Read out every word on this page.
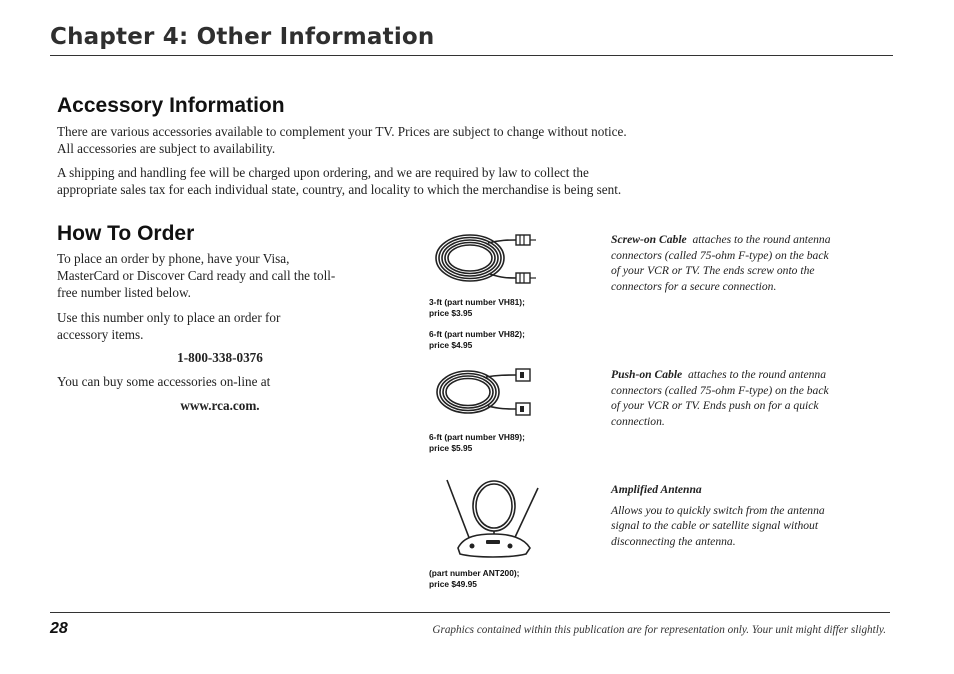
Chapter 4: Other Information
Accessory Information

There are various accessories available to complement your TV. Prices are subject to change without notice.

All accessories are subject to availability.

A shipping and handling fee will be charged upon ordering, and we are required by law to collect the

appropriate sales tax for each individual state, country, and locality to which the merchandise is being sent.

How To Order

To place an order by phone, have your Visa,

MasterCard or Discover Card ready and call the toll-

free number listed below.

Use this number only to place an order for

accessory items.

1-800-338-0376
You can buy some accessories on-line at
www.rca.com.

3-ft (part number VH81);

price $3.95

6-ft (part number VH82);

price $4.95

Screw-on Cable attaches to the round antenna

connectors (called 75-ohm F-type) on the back

of your VCR or TV. The ends screw onto the

connectors for a secure connection.

6-ft (part number VH89);

price $5.95

Push-on Cable attaches to the round antenna

connectors (called 75-ohm F-type) on the back

of your VCR or TV. Ends push on for a quick

connection.

(part number ANT200);

price $49.95

Amplified Antenna

Allows you to quickly switch from the antenna

signal to the cable or satellite signal without

disconnecting the antenna.

28	Graphics contained within this publication are for representation only. Your unit might differ slightly.
